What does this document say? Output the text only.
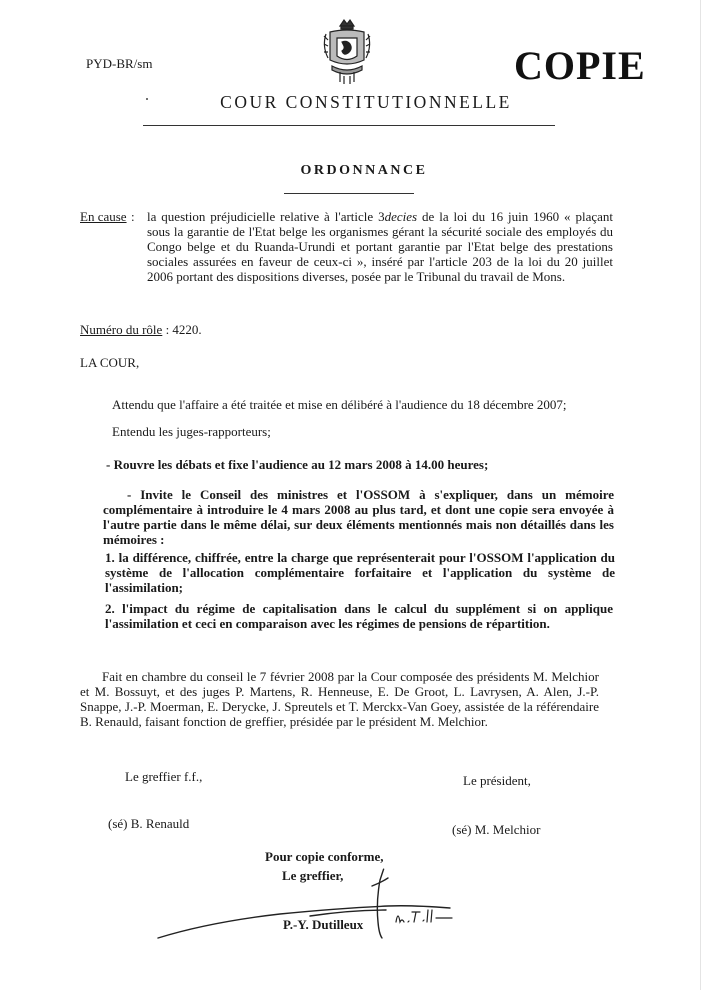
PYD-BR/sm	COPIE
COUR CONSTITUTIONNELLE
ORDONNANCE
En cause : la question préjudicielle relative à l'article 3decies de la loi du 16 juin 1960 « plaçant sous la garantie de l'Etat belge les organismes gérant la sécurité sociale des employés du Congo belge et du Ruanda-Urundi et portant garantie par l'Etat belge des prestations sociales assurées en faveur de ceux-ci », inséré par l'article 203 de la loi du 20 juillet 2006 portant des dispositions diverses, posée par le Tribunal du travail de Mons.
Numéro du rôle : 4220.
LA COUR,
Attendu que l'affaire a été traitée et mise en délibéré à l'audience du 18 décembre 2007;
Entendu les juges-rapporteurs;
- Rouvre les débats et fixe l'audience au 12 mars 2008 à 14.00 heures;
- Invite le Conseil des ministres et l'OSSOM à s'expliquer, dans un mémoire complémentaire à introduire le 4 mars 2008 au plus tard, et dont une copie sera envoyée à l'autre partie dans le même délai, sur deux éléments mentionnés mais non détaillés dans les mémoires :
1. la différence, chiffrée, entre la charge que représenterait pour l'OSSOM l'application du système de l'allocation complémentaire forfaitaire et l'application du système de l'assimilation;
2. l'impact du régime de capitalisation dans le calcul du supplément si on applique l'assimilation et ceci en comparaison avec les régimes de pensions de répartition.
Fait en chambre du conseil le 7 février 2008 par la Cour composée des présidents M. Melchior et M. Bossuyt, et des juges P. Martens, R. Henneuse, E. De Groot, L. Lavrysen, A. Alen, J.-P. Snappe, J.-P. Moerman, E. Derycke, J. Spreutels et T. Merckx-Van Goey, assistée de la référendaire B. Renauld, faisant fonction de greffier, présidée par le président M. Melchior.
Le greffier f.f.,	Le président,
(sé) B. Renauld	(sé) M. Melchior
Pour copie conforme,
Le greffier,
P.-Y. Dutilleux
